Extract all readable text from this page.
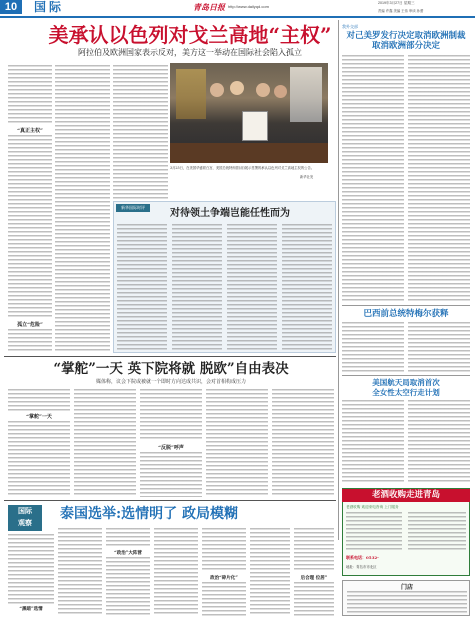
10	国际	青岛日报 http://www.dailyqd.com
2019年3月27日 星期三
责编 许鑫 美编 王伟 审读 孙蕾
美承认以色列对戈兰高地“主权”
阿拉伯及欧洲国家表示反对，美方这一举动在国际社会陷入孤立
“真正主权”
孤立“危险”
3月25日，在美国华盛顿白宫，美国总统特朗普(前)展示签署的承认以色列对戈兰高地主权的公告。
新华社发
新华国际时评
对待领土争端岂能任性而为
我外交部
对己美罗发行决定取消欧洲制裁
取消欧洲部分决定
巴西前总统特梅尔获释
美国航天局取消首次
全女性太空行走计划
老酒收购走进青岛
老酒收购 欢迎来电咨询 上门服务
联系电话：0532-
地址：青岛市市北区
门店
“掌舵”一天 英下院将就 脱欧”自由表决
媒体称，议会下院或被就一个即时方向达成共识，会对首相构成压力
“掌舵”一天
“反脱”呼声
国际
观察
泰国选举:选情明了 政局模糊
“黑暗”选情
“政治”大阵营
政治“碎片化”	后合理 位居”
